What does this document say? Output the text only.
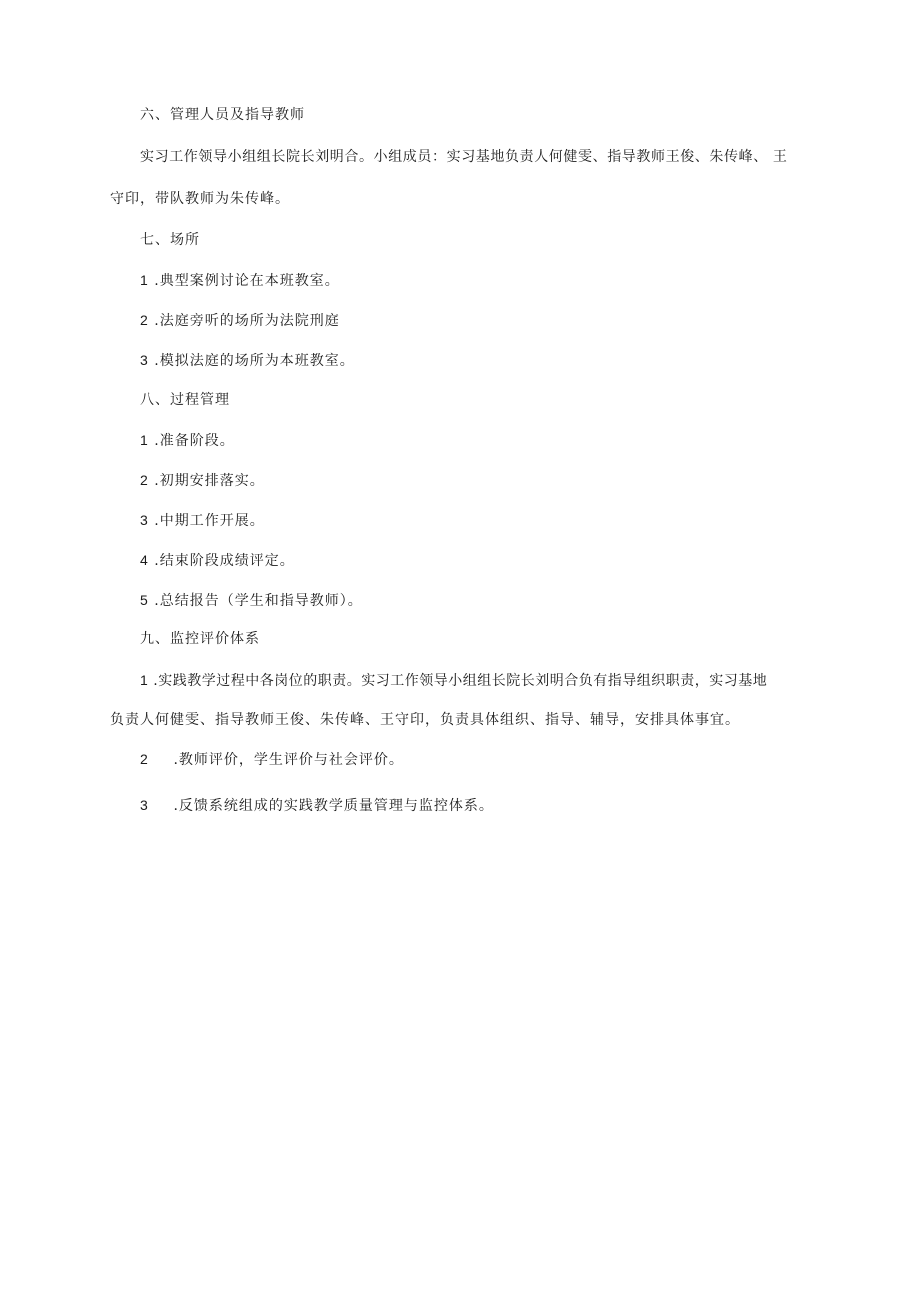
六、管理人员及指导教师
实习工作领导小组组长院长刘明合。小组成员：实习基地负责人何健雯、指导教师王俊、朱传峰、 王
守印，带队教师为朱传峰。
七、场所
1 .典型案例讨论在本班教室。
2 .法庭旁听的场所为法院刑庭
3 .模拟法庭的场所为本班教室。
八、过程管理
1 .准备阶段。
2 .初期安排落实。
3 .中期工作开展。
4 .结束阶段成绩评定。
5 .总结报告（学生和指导教师）。
九、监控评价体系
1 .实践教学过程中各岗位的职责。实习工作领导小组组长院长刘明合负有指导组织职责，实习基地
负责人何健雯、指导教师王俊、朱传峰、王守印，负责具体组织、指导、辅导，安排具体事宜。
2 .教师评价，学生评价与社会评价。
3 .反馈系统组成的实践教学质量管理与监控体系。
